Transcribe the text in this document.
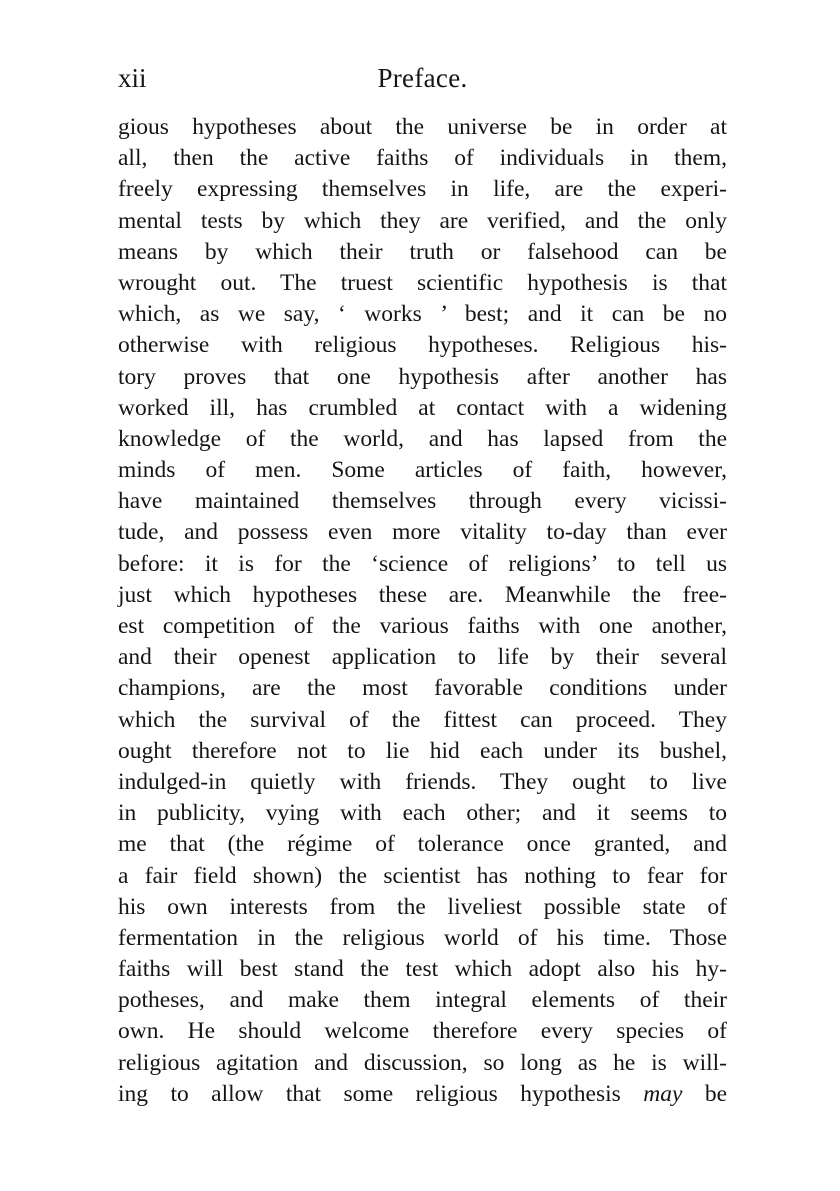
xii	Preface.
gious hypotheses about the universe be in order at
all, then the active faiths of individuals in them,
freely expressing themselves in life, are the experi-
mental tests by which they are verified, and the only
means by which their truth or falsehood can be
wrought out. The truest scientific hypothesis is that
which, as we say, ‘ works ’ best; and it can be no
otherwise with religious hypotheses. Religious his-
tory proves that one hypothesis after another has
worked ill, has crumbled at contact with a widening
knowledge of the world, and has lapsed from the
minds of men. Some articles of faith, however,
have maintained themselves through every vicissi-
tude, and possess even more vitality to-day than ever
before: it is for the ‘science of religions’ to tell us
just which hypotheses these are. Meanwhile the free-
est competition of the various faiths with one another,
and their openest application to life by their several
champions, are the most favorable conditions under
which the survival of the fittest can proceed. They
ought therefore not to lie hid each under its bushel,
indulged-in quietly with friends. They ought to live
in publicity, vying with each other; and it seems to
me that (the régime of tolerance once granted, and
a fair field shown) the scientist has nothing to fear for
his own interests from the liveliest possible state of
fermentation in the religious world of his time. Those
faiths will best stand the test which adopt also his hy-
potheses, and make them integral elements of their
own. He should welcome therefore every species of
religious agitation and discussion, so long as he is will-
ing to allow that some religious hypothesis may be
